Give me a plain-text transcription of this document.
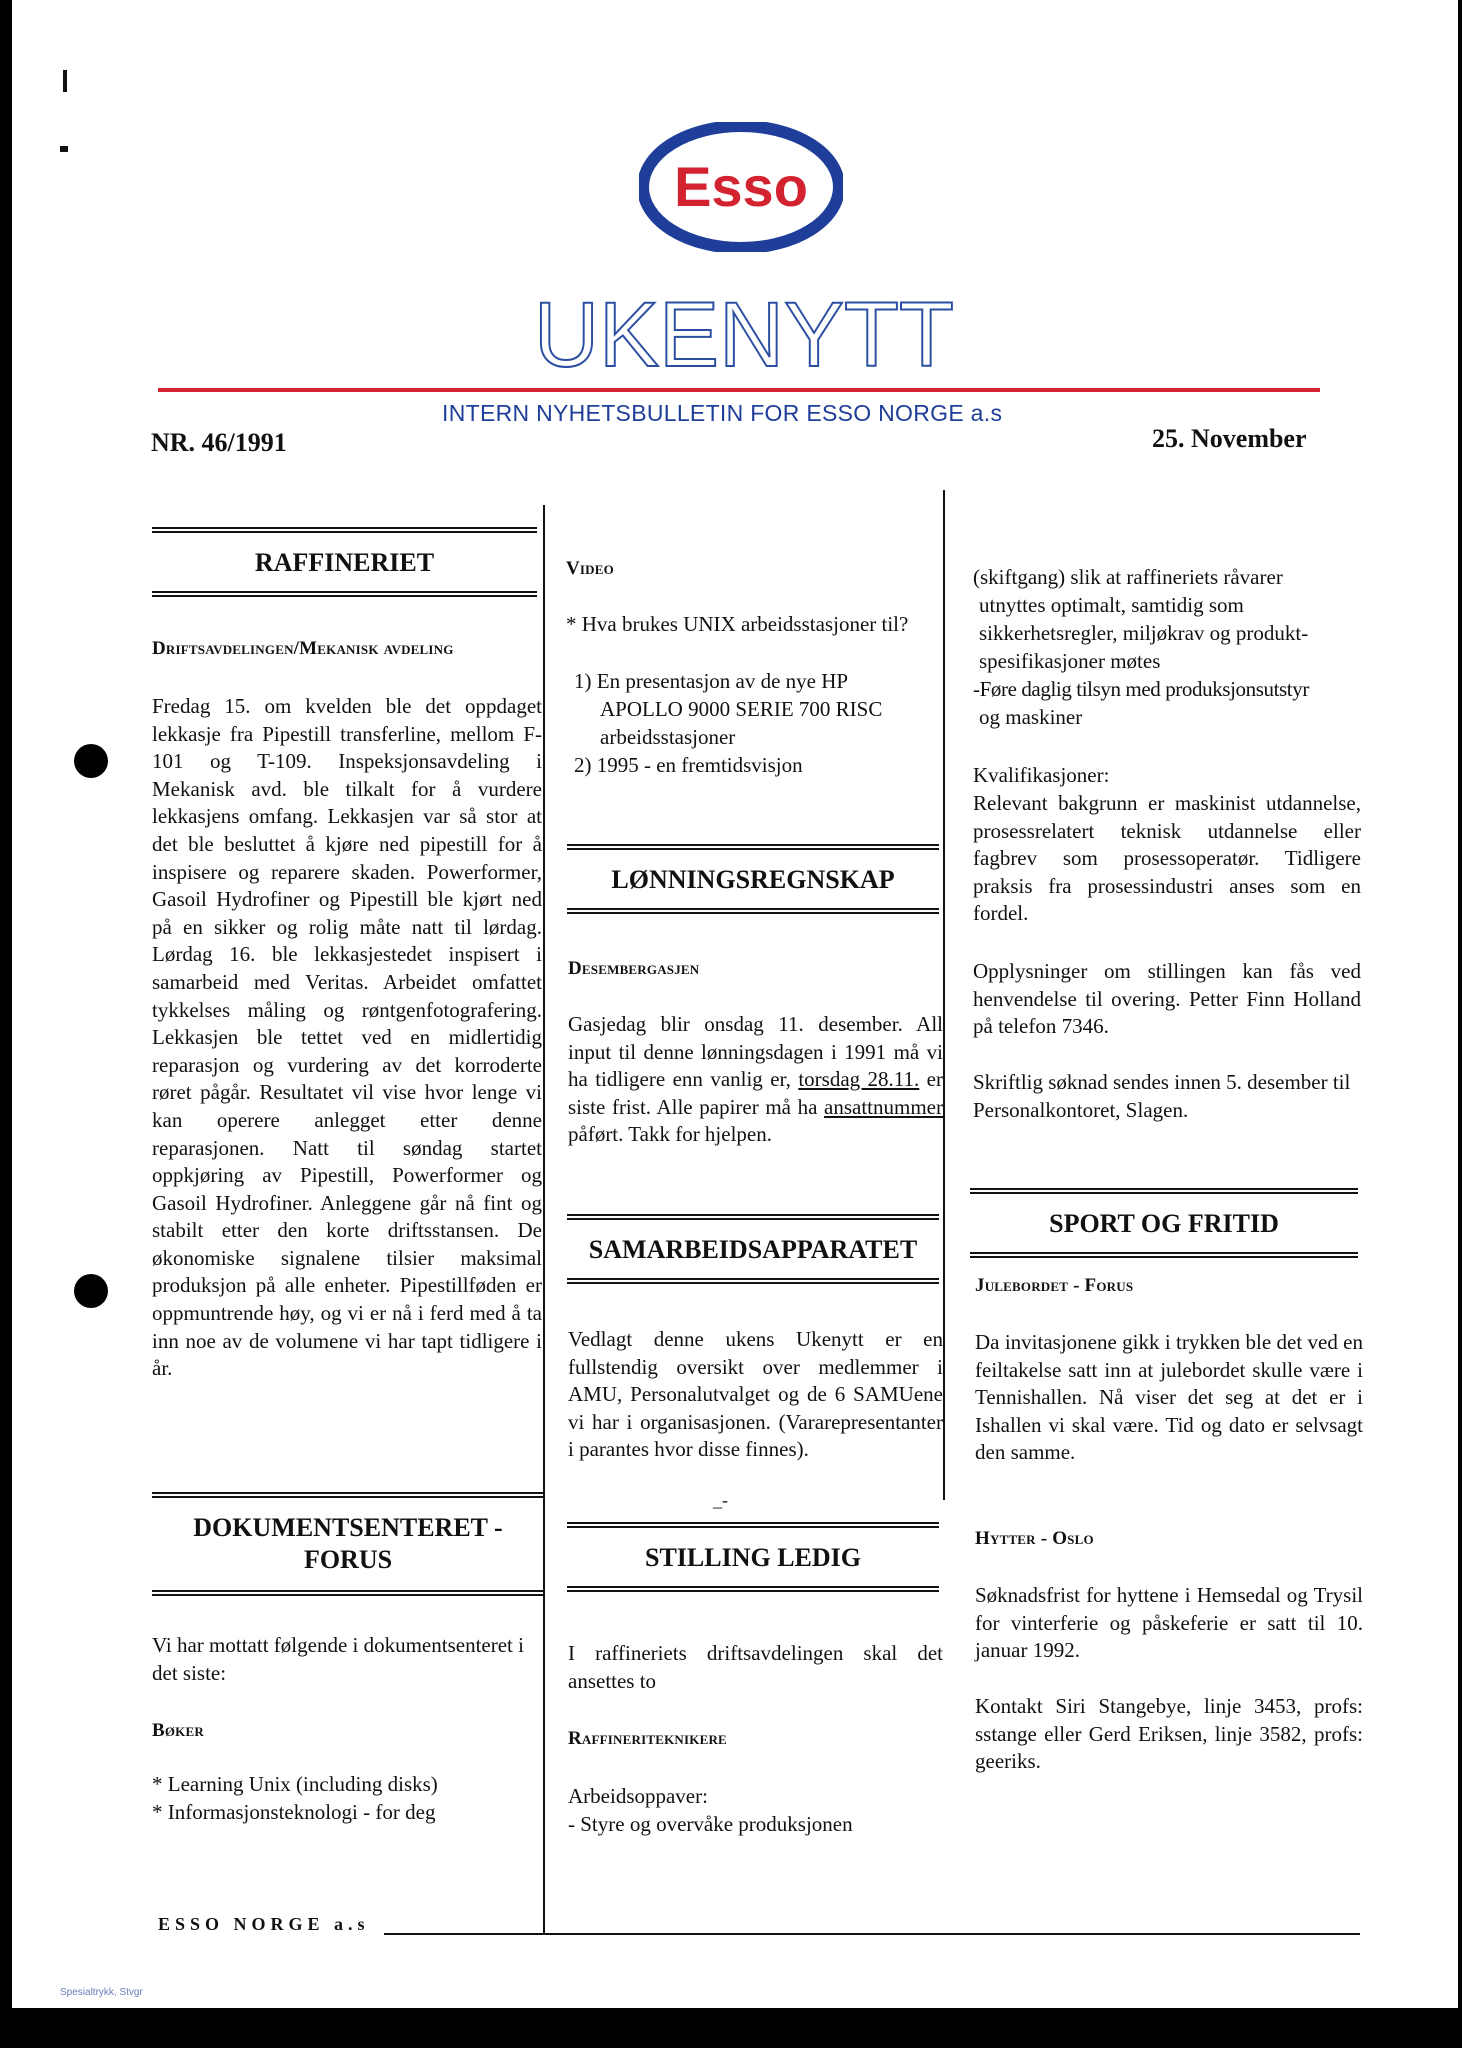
Esso
UKENYTT
INTERN NYHETSBULLETIN FOR ESSO NORGE a.s
NR. 46/1991	25. November
RAFFINERIET
Driftsavdelingen/Mekanisk avdeling
Fredag 15. om kvelden ble det oppdaget lekkasje fra Pipestill transferline, mellom F-101 og T-109. Inspeksjonsavdeling i Mekanisk avd. ble tilkalt for å vurdere lekkasjens omfang. Lekkasjen var så stor at det ble besluttet å kjøre ned pipestill for å inspisere og reparere skaden. Powerformer, Gasoil Hydrofiner og Pipestill ble kjørt ned på en sikker og rolig måte natt til lørdag. Lørdag 16. ble lekkasjestedet inspisert i samarbeid med Veritas. Arbeidet omfattet tykkelses måling og røntgenfotografering. Lekkasjen ble tettet ved en midlertidig reparasjon og vurdering av det korroderte røret pågår. Resultatet vil vise hvor lenge vi kan operere anlegget etter denne reparasjonen. Natt til søndag startet oppkjøring av Pipestill, Powerformer og Gasoil Hydrofiner. Anleggene går nå fint og stabilt etter den korte driftsstansen. De økonomiske signalene tilsier maksimal produksjon på alle enheter. Pipestillføden er oppmuntrende høy, og vi er nå i ferd med å ta inn noe av de volumene vi har tapt tidligere i år.
DOKUMENTSENTERET -
FORUS
Vi har mottatt følgende i dokumentsenteret i det siste:
Bøker
* Learning Unix (including disks)
* Informasjonsteknologi - for deg
Video
* Hva brukes UNIX arbeidsstasjoner til?
1) En presentasjon av de nye HP
APOLLO 9000 SERIE 700 RISC
arbeidsstasjoner
2) 1995 - en fremtidsvisjon
LØNNINGSREGNSKAP
Desembergasjen
Gasjedag blir onsdag 11. desember. All input til denne lønningsdagen i 1991 må vi ha tidligere enn vanlig er, torsdag 28.11. er siste frist. Alle papirer må ha ansattnummer påført. Takk for hjelpen.
SAMARBEIDSAPPARATET
Vedlagt denne ukens Ukenytt er en fullstendig oversikt over medlemmer i AMU, Personalutvalget og de 6 SAMUene vi har i organisasjonen. (Vararepresentanter i parantes hvor disse finnes).
_-
STILLING LEDIG
I raffineriets driftsavdelingen skal det ansettes to
Raffineriteknikere
Arbeidsoppaver:
- Styre og overvåke produksjonen
(skiftgang) slik at raffineriets råvarer
utnyttes optimalt, samtidig som
sikkerhetsregler, miljøkrav og produkt-
spesifikasjoner møtes
-Føre daglig tilsyn med produksjonsutstyr
og maskiner
Kvalifikasjoner:
Relevant bakgrunn er maskinist utdannelse, prosessrelatert teknisk utdannelse eller fagbrev som prosessoperatør. Tidligere praksis fra prosessindustri anses som en fordel.
Opplysninger om stillingen kan fås ved henvendelse til overing. Petter Finn Holland på telefon 7346.
Skriftlig søknad sendes innen 5. desember til Personalkontoret, Slagen.
SPORT OG FRITID
Julebordet - Forus
Da invitasjonene gikk i trykken ble det ved en feiltakelse satt inn at julebordet skulle være i Tennishallen. Nå viser det seg at det er i Ishallen vi skal være. Tid og dato er selvsagt den samme.
Hytter - Oslo
Søknadsfrist for hyttene i Hemsedal og Trysil for vinterferie og påskeferie er satt til 10. januar 1992.
Kontakt Siri Stangebye, linje 3453, profs: sstange eller Gerd Eriksen, linje 3582, profs: geeriks.
ESSO NORGE a.s
Spesialtrykk, Stvgr
